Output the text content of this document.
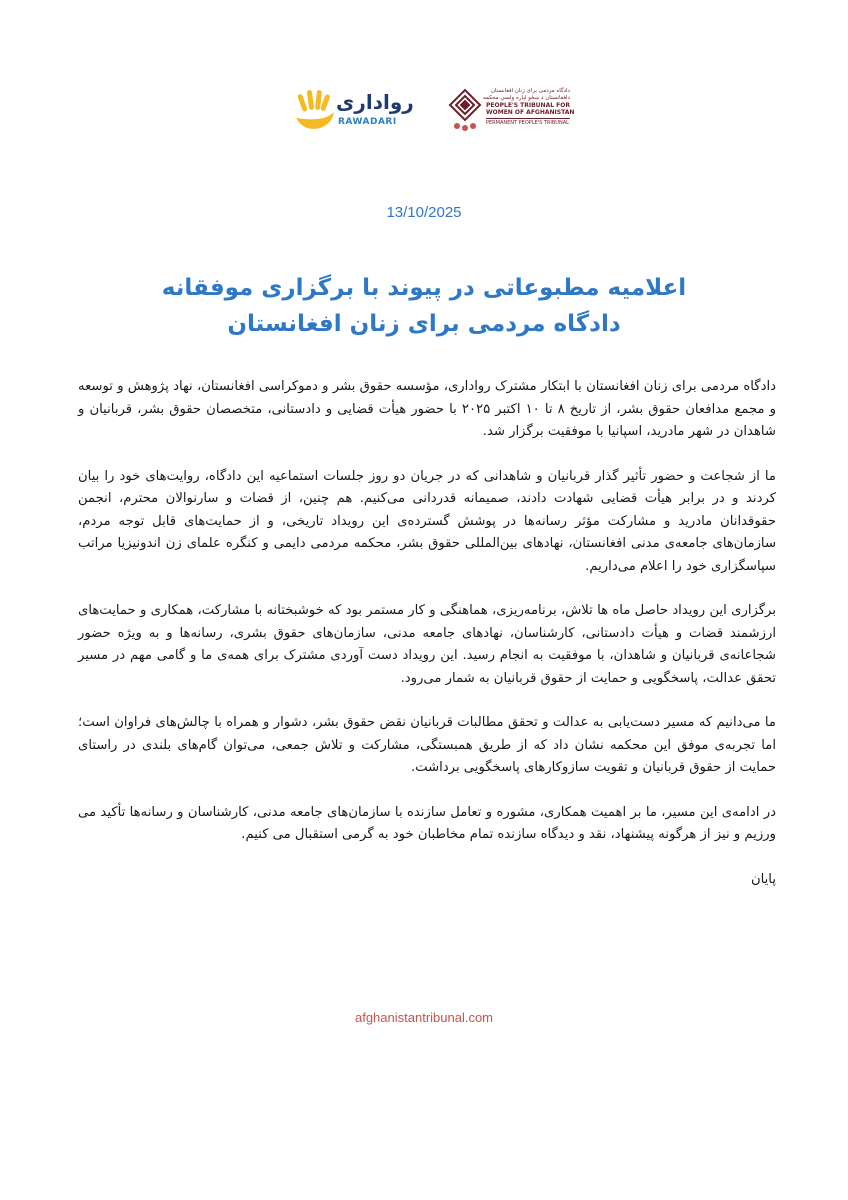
رواداری
RAWADARI
دادگاه مردمی برای زنان افغانستان
دافغانستان د ښځو لپاره ولسي محکمه
PEOPLE'S TRIBUNAL FOR
WOMEN OF AFGHANISTAN
PERMANENT PEOPLE'S TRIBUNAL
13/10/2025
اعلامیه مطبوعاتی در پیوند با برگزاری موفقانه
دادگاه مردمی برای زنان افغانستان

دادگاه مردمی برای زنان افغانستان با ابتکار مشترک رواداری، مؤسسه حقوق بشر و دموکراسی افغانستان، نهاد پژوهش و توسعه و مجمع مدافعان حقوق بشر، از تاریخ ۸ تا ۱۰ اکتبر ۲۰۲۵ با حضور هیأت قضایی و دادستانی، متخصصان حقوق بشر، قربانیان و شاهدان در شهر مادرید، اسپانیا با موفقیت برگزار شد.

ما از شجاعت و حضور تأثیر گذار قربانیان و شاهدانی که در جریان دو روز جلسات استماعیه این دادگاه، روایت‌های خود را بیان کردند و در برابر هیأت قضایی شهادت دادند، صمیمانه قدردانی می‌کنیم. هم چنین، از قضات و سارنوالان محترم، انجمن حقوقدانان مادرید و مشارکت مؤثر رسانه‌ها در پوشش گسترده‌ی این رویداد تاریخی، و از حمایت‌های قابل توجه مردم، سازمان‌های جامعه‌ی مدنی افغانستان، نهادهای بین‌المللی حقوق بشر، محکمه مردمی دایمی و کنگره علمای زن اندونیزیا مراتب سپاسگزاری خود را اعلام می‌داریم.

برگزاری این رویداد حاصل ماه ها تلاش، برنامه‌ریزی، هماهنگی و کار مستمر بود که خوشبختانه با مشارکت، همکاری و حمایت‌های ارزشمند قضات و هیأت دادستانی، کارشناسان، نهادهای جامعه مدنی، سازمان‌های حقوق بشری، رسانه‌ها و به ویژه حضور شجاعانه‌ی قربانیان و شاهدان، با موفقیت به انجام رسید. این رویداد دست آوردی مشترک برای همه‌ی ما و گامی مهم در مسیر تحقق عدالت، پاسخگویی و حمایت از حقوق قربانیان به شمار می‌رود.

ما می‌دانیم که مسیر دست‌یابی به عدالت و تحقق مطالبات قربانیان نقض حقوق بشر، دشوار و همراه با چالش‌های فراوان است؛ اما تجربه‌ی موفق این محکمه نشان داد که از طریق همبستگی، مشارکت و تلاش جمعی، می‌توان گام‌های بلندی در راستای حمایت از حقوق قربانیان و تقویت سازوکارهای پاسخگویی برداشت.

در ادامه‌ی این مسیر، ما بر اهمیت همکاری، مشوره و تعامل سازنده با سازمان‌های جامعه مدنی، کارشناسان و رسانه‌ها تأکید می ورزیم و نیز از هرگونه پیشنهاد، نقد و دیدگاه سازنده تمام مخاطبان خود به گرمی استقبال می کنیم.

پایان

afghanistantribunal.com
